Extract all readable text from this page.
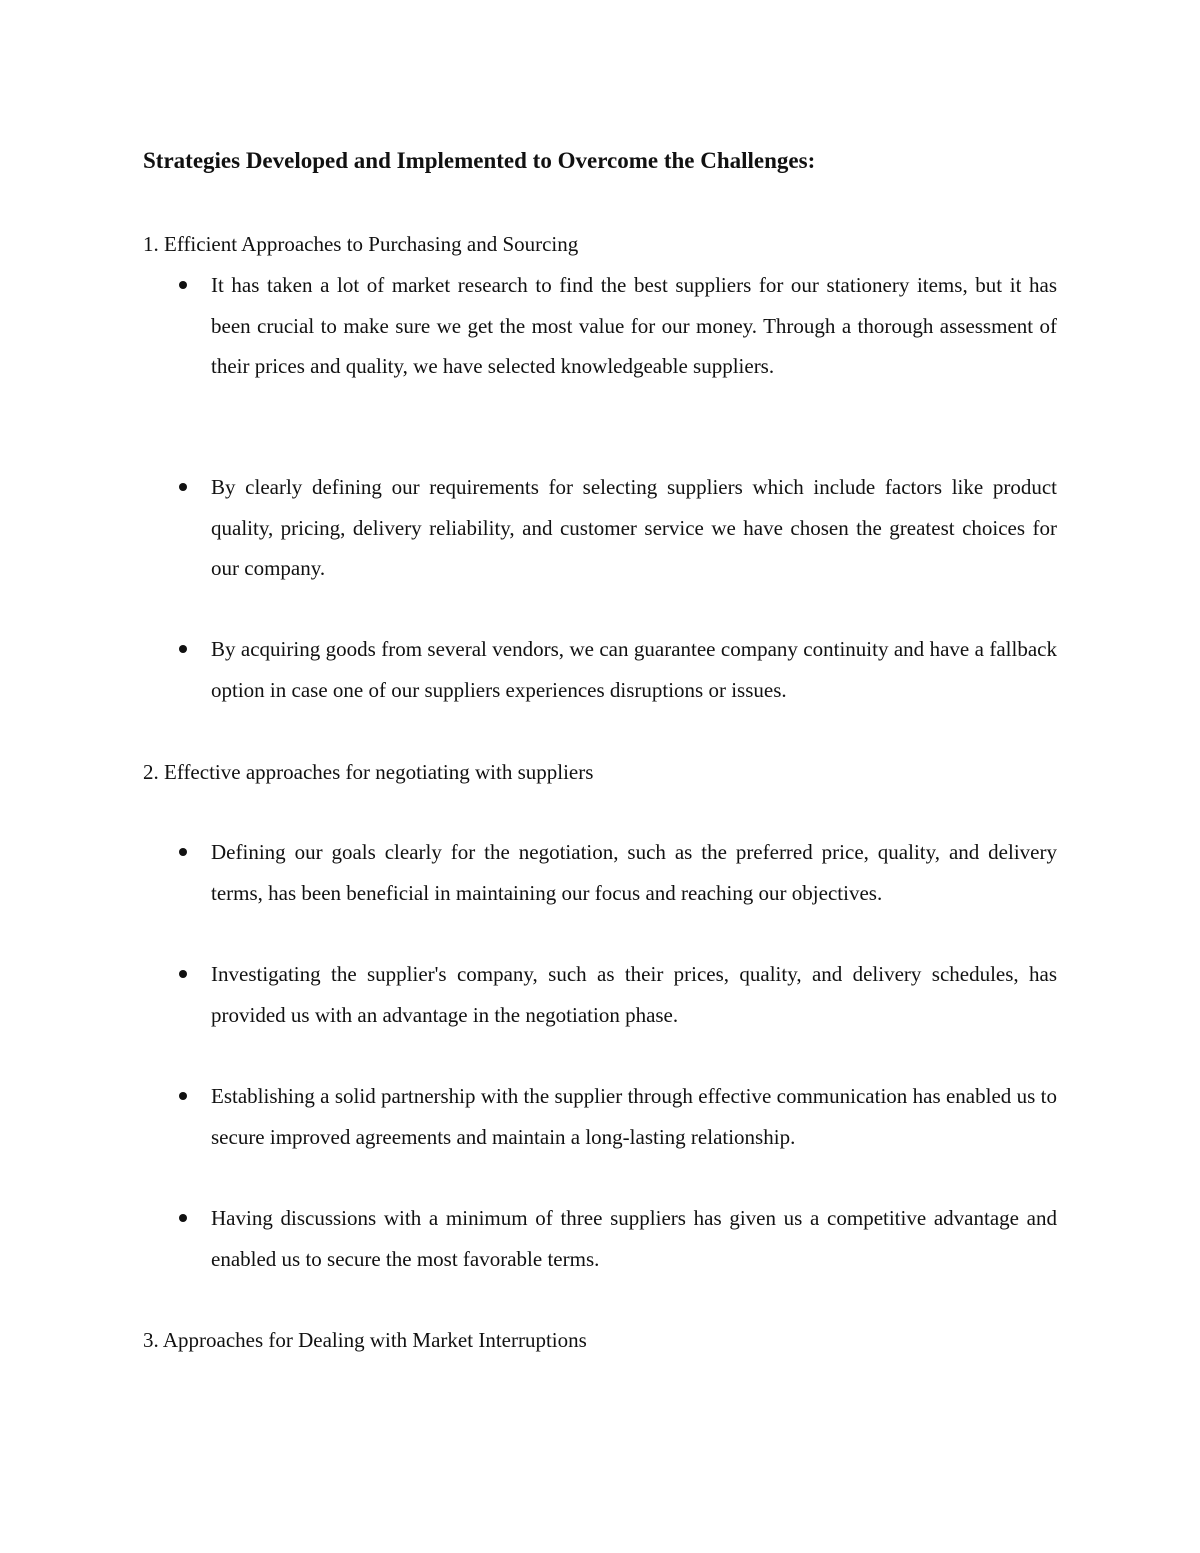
Strategies Developed and Implemented to Overcome the Challenges:

1. Efficient Approaches to Purchasing and Sourcing

It has taken a lot of market research to find the best suppliers for our stationery items, but it has been crucial to make sure we get the most value for our money. Through a thorough assessment of their prices and quality, we have selected knowledgeable suppliers.

By clearly defining our requirements for selecting suppliers which include factors like product quality, pricing, delivery reliability, and customer service we have chosen the greatest choices for our company.

By acquiring goods from several vendors, we can guarantee company continuity and have a fallback option in case one of our suppliers experiences disruptions or issues.

2. Effective approaches for negotiating with suppliers

Defining our goals clearly for the negotiation, such as the preferred price, quality, and delivery terms, has been beneficial in maintaining our focus and reaching our objectives.

Investigating the supplier's company, such as their prices, quality, and delivery schedules, has provided us with an advantage in the negotiation phase.

Establishing a solid partnership with the supplier through effective communication has enabled us to secure improved agreements and maintain a long-lasting relationship.

Having discussions with a minimum of three suppliers has given us a competitive advantage and enabled us to secure the most favorable terms.

3. Approaches for Dealing with Market Interruptions
